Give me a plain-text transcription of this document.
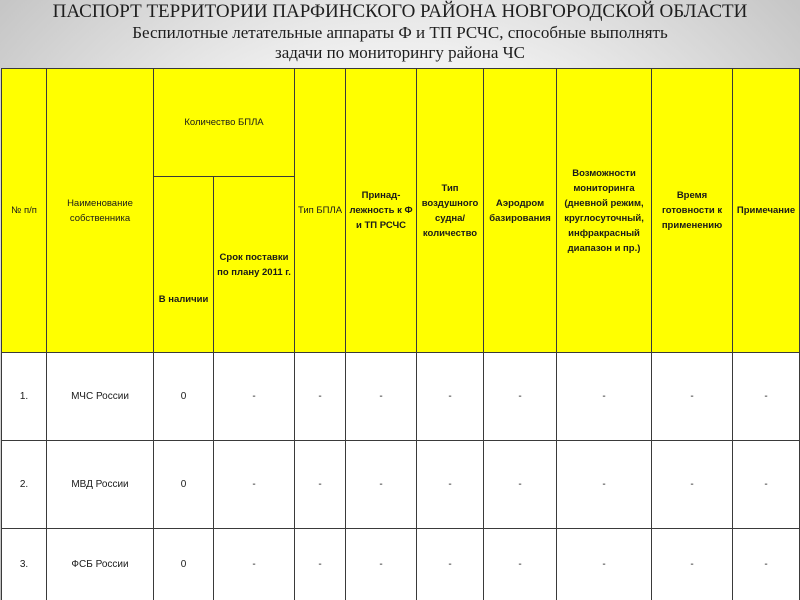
ПАСПОРТ ТЕРРИТОРИИ ПАРФИНСКОГО РАЙОНА НОВГОРОДСКОЙ ОБЛАСТИ
Беспилотные летательные аппараты Ф и ТП РСЧС, способные выполнять
задачи по мониторингу района ЧС
№ п/п	Наименование собственника	Количество БПЛА		Тип БПЛА	Принад-лежность к Ф и ТП РСЧС	Тип воздушного судна/ количество	Аэродром базирования	Возможности мониторинга (дневной режим, круглосуточный, инфракрасный диапазон и пр.)	Время готовности к применению	Примечание
		В наличии	Срок поставки по плану 2011 г.							
1.	МЧС России	0	-	-	-	-	-	-	-	-
2.	МВД России	0	-	-	-	-	-	-	-	-
3.	ФСБ России	0	-	-	-	-	-	-	-	-
